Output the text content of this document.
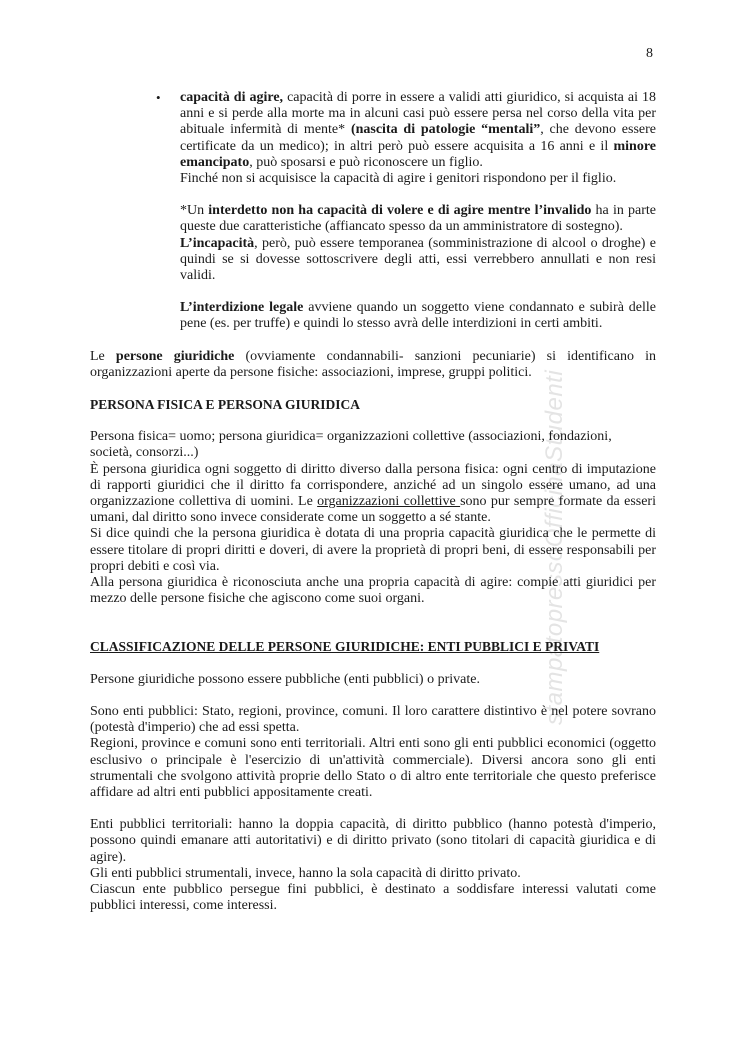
8
stampatopressoOfficinaStudenti
• capacità di agire, capacità di porre in essere a validi atti giuridico, si acquista ai 18 anni e si perde alla morte ma in alcuni casi può essere persa nel corso della vita per abituale infermità di mente* (nascita di patologie “mentali”, che devono essere certificate da un medico); in altri però può essere acquisita a 16 anni e il minore emancipato, può sposarsi e può riconoscere un figlio.

Finché non si acquisisce la capacità di agire i genitori rispondono per il figlio.

*Un interdetto non ha capacità di volere e di agire mentre l’invalido ha in parte queste due caratteristiche (affiancato spesso da un amministratore di sostegno).

L’incapacità, però, può essere temporanea (somministrazione di alcool o droghe) e quindi se si dovesse sottoscrivere degli atti, essi verrebbero annullati e non resi validi.

L’interdizione legale avviene quando un soggetto viene condannato e subirà delle pene (es. per truffe) e quindi lo stesso avrà delle interdizioni in certi ambiti.

Le persone giuridiche (ovviamente condannabili- sanzioni pecuniarie) si identificano in organizzazioni aperte da persone fisiche: associazioni, imprese, gruppi politici.

PERSONA FISICA E PERSONA GIURIDICA

Persona fisica= uomo; persona giuridica= organizzazioni collettive (associazioni, fondazioni, società, consorzi...)

È persona giuridica ogni soggetto di diritto diverso dalla persona fisica: ogni centro di imputazione di rapporti giuridici che il diritto fa corrispondere, anziché ad un singolo essere umano, ad una organizzazione collettiva di uomini. Le organizzazioni collettive sono pur sempre formate da esseri umani, dal diritto sono invece considerate come un soggetto a sé stante.

Si dice quindi che la persona giuridica è dotata di una propria capacità giuridica che le permette di essere titolare di propri diritti e doveri, di avere la proprietà di propri beni, di essere responsabili per propri debiti e così via.

Alla persona giuridica è riconosciuta anche una propria capacità di agire: compie atti giuridici per mezzo delle persone fisiche che agiscono come suoi organi.

CLASSIFICAZIONE DELLE PERSONE GIURIDICHE: ENTI PUBBLICI E PRIVATI

Persone giuridiche possono essere pubbliche (enti pubblici) o private.

Sono enti pubblici: Stato, regioni, province, comuni. Il loro carattere distintivo è nel potere sovrano (potestà d'imperio) che ad essi spetta.

Regioni, province e comuni sono enti territoriali. Altri enti sono gli enti pubblici economici (oggetto esclusivo o principale è l'esercizio di un'attività commerciale). Diversi ancora sono gli enti strumentali che svolgono attività proprie dello Stato o di altro ente territoriale che questo preferisce affidare ad altri enti pubblici appositamente creati.

Enti pubblici territoriali: hanno la doppia capacità, di diritto pubblico (hanno potestà d'imperio, possono quindi emanare atti autoritativi) e di diritto privato (sono titolari di capacità giuridica e di agire).

Gli enti pubblici strumentali, invece, hanno la sola capacità di diritto privato.

Ciascun ente pubblico persegue fini pubblici, è destinato a soddisfare interessi valutati come pubblici interessi, come interessi.
